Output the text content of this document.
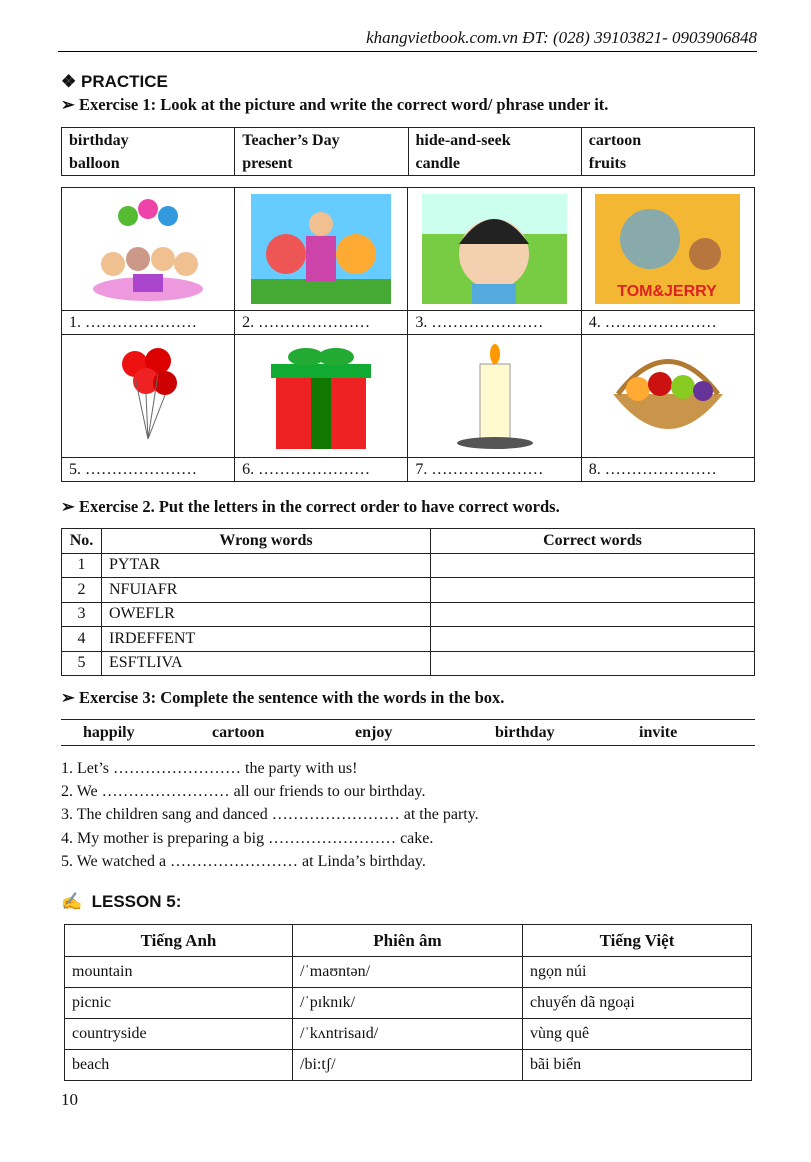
khangvietbook.com.vn ĐT: (028) 39103821- 0903906848
❖ PRACTICE
➢ Exercise 1: Look at the picture and write the correct word/ phrase under it.
birthday
balloon

Teacher’s Day
present

hide-and-seek
candle

cartoon
fruits

TOM&JERRY

1. …………………	2. …………………	3. …………………	4. …………………

5. …………………	6. …………………	7. …………………	8. …………………
➢ Exercise 2. Put the letters in the correct order to have correct words.
No.	Wrong words	Correct words
1	PYTAR	
2	NFUIAFR	
3	OWEFLR	
4	IRDEFFENT	
5	ESFTLIVA	
➢ Exercise 3: Complete the sentence with the words in the box.
happily	cartoon	enjoy	birthday	invite
1. Let’s …………………… the party with us!
2. We …………………… all our friends to our birthday.
3. The children sang and danced …………………… at the party.
4. My mother is preparing a big …………………… cake.
5. We watched a …………………… at Linda’s birthday.
✍ LESSON 5:
Tiếng Anh	Phiên âm	Tiếng Việt
mountain	/ˈmaʊntən/	ngọn núi
picnic	/ˈpɪknɪk/	chuyến dã ngoại
countryside	/ˈkʌntrisaɪd/	vùng quê
beach	/bi:tʃ/	bãi biển
10
